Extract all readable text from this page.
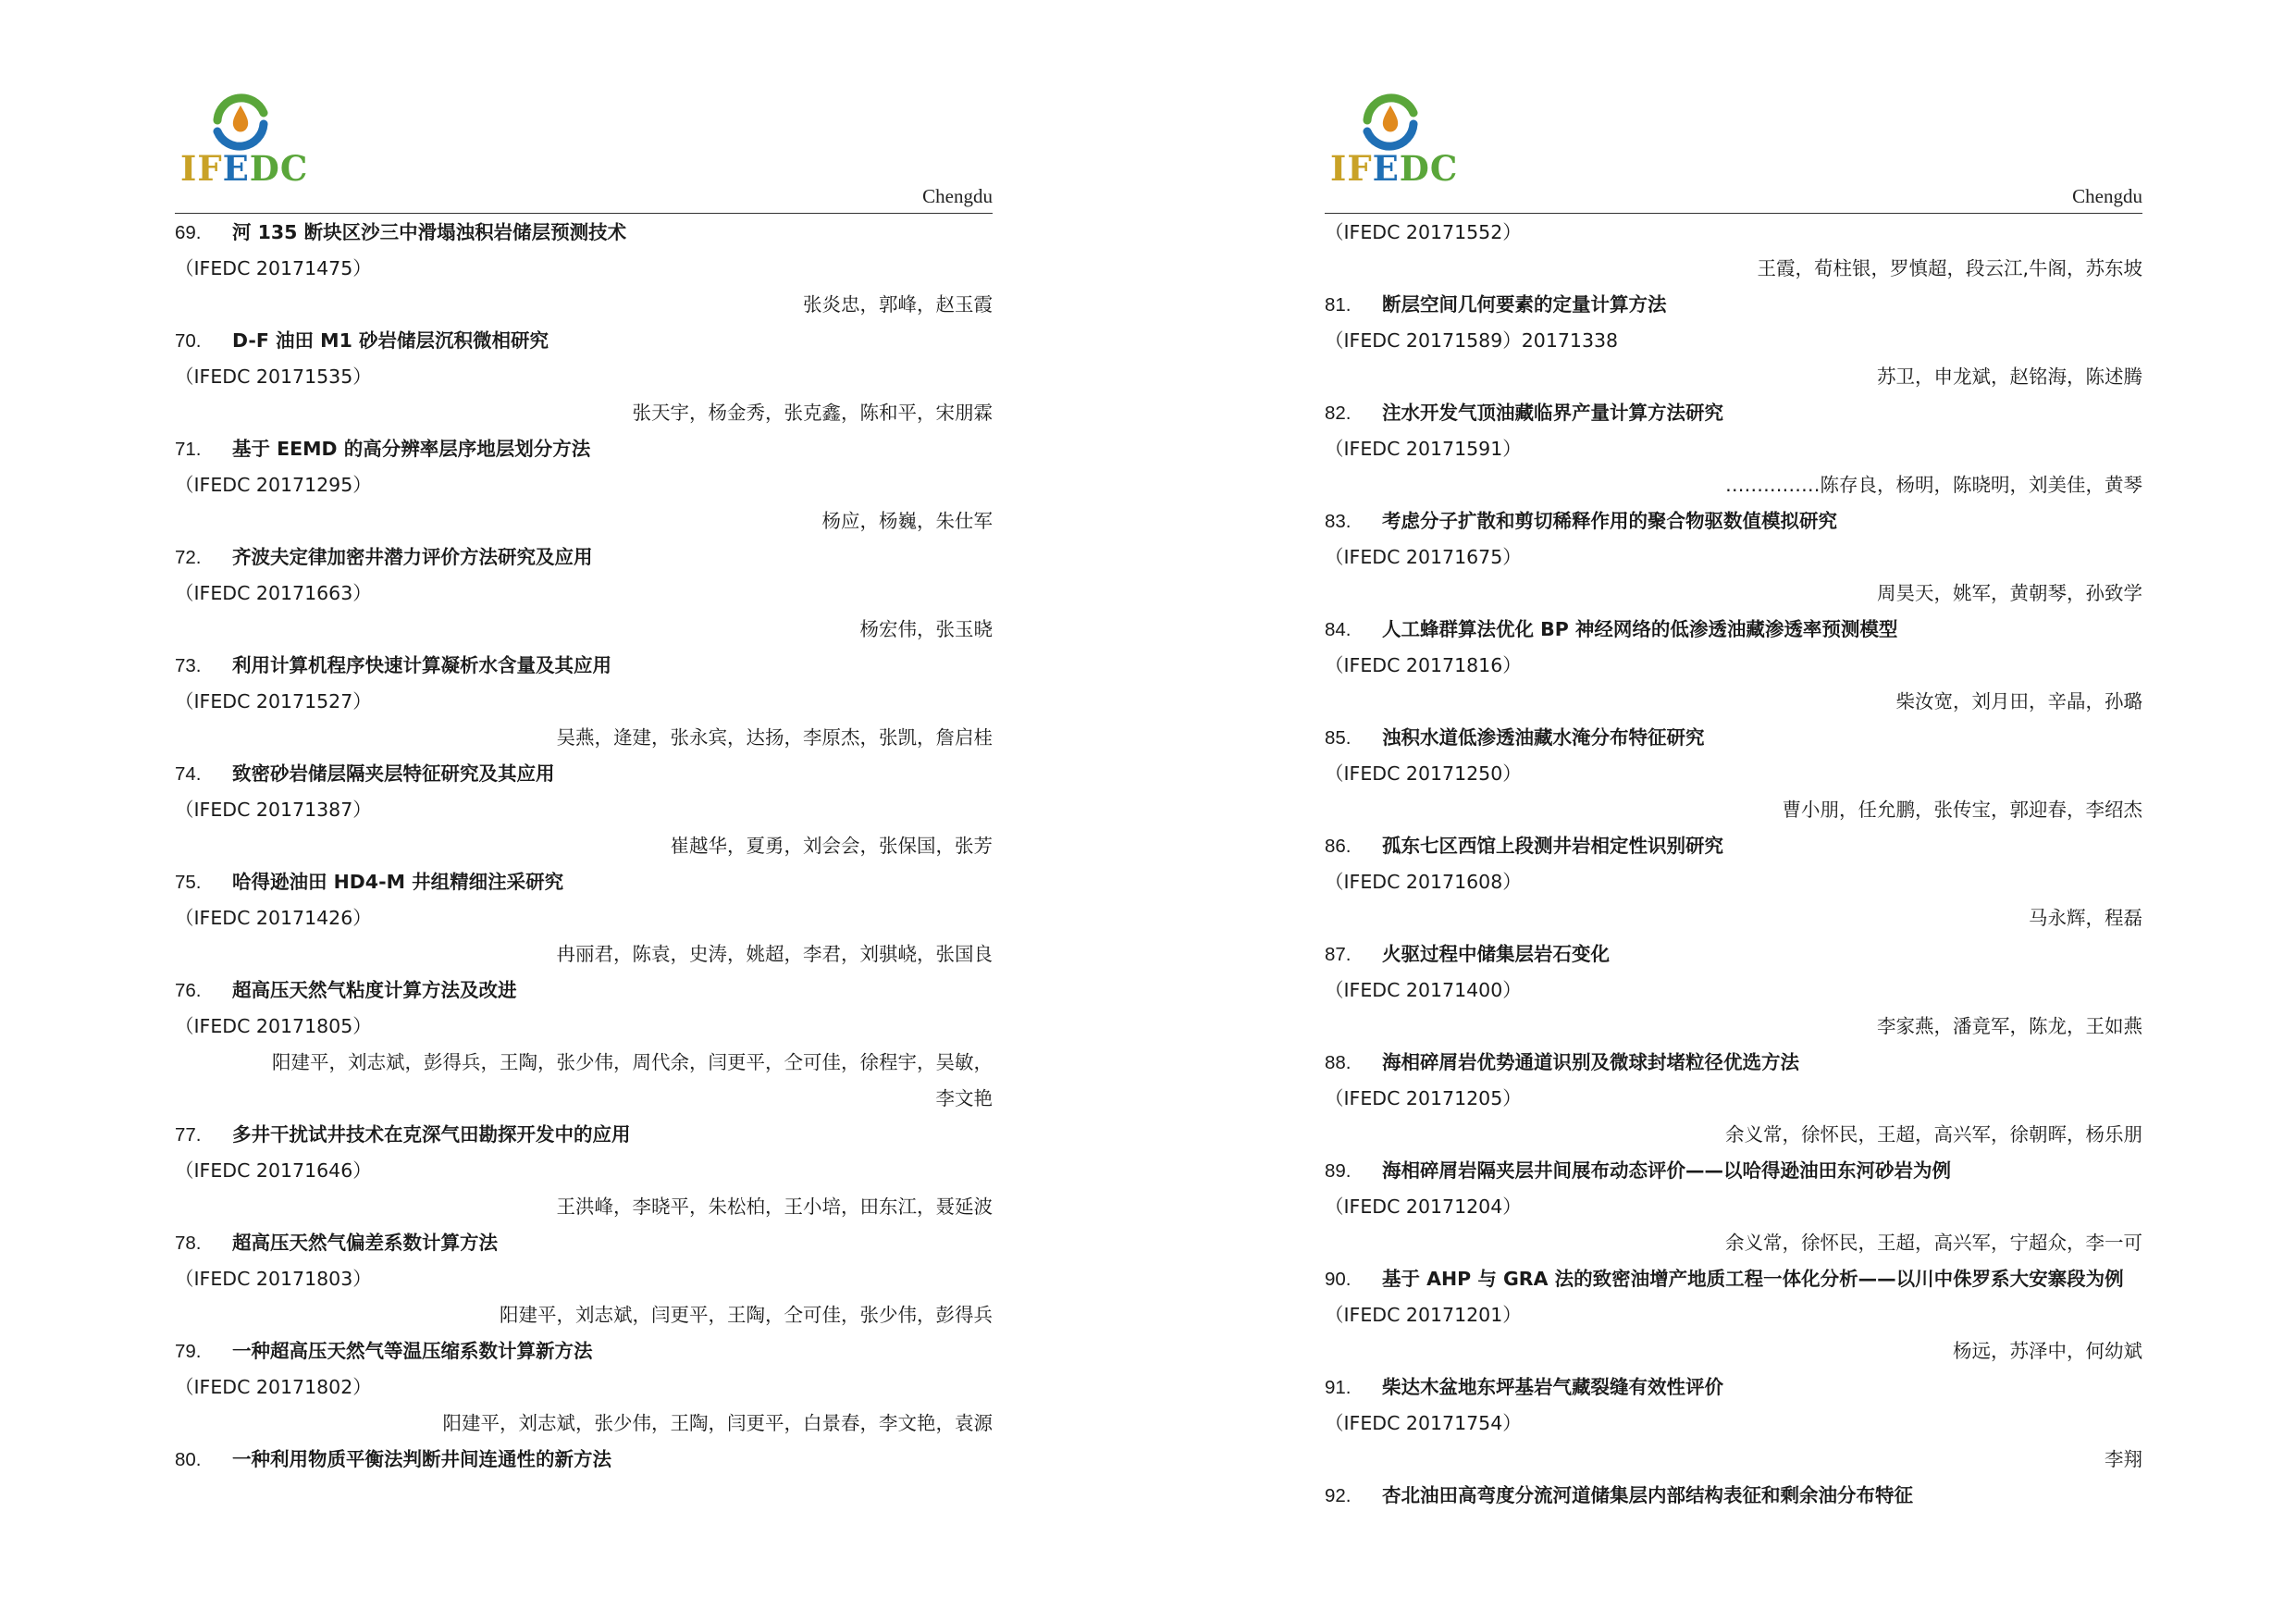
IFEDC
Chengdu
69. 河 135 断块区沙三中滑塌浊积岩储层预测技术
（IFEDC 20171475）
张炎忠，郭峰，赵玉霞
70. D-F 油田 M1 砂岩储层沉积微相研究
（IFEDC 20171535）
张天宇，杨金秀，张克鑫，陈和平，宋朋霖
71. 基于 EEMD 的高分辨率层序地层划分方法
（IFEDC 20171295）
杨应，杨巍，朱仕军
72. 齐波夫定律加密井潜力评价方法研究及应用
（IFEDC 20171663）
杨宏伟，张玉晓
73. 利用计算机程序快速计算凝析水含量及其应用
（IFEDC 20171527）
吴燕，逄建，张永宾，达扬，李原杰，张凯，詹启桂
74. 致密砂岩储层隔夹层特征研究及其应用
（IFEDC 20171387）
崔越华，夏勇，刘会会，张保国，张芳
75. 哈得逊油田 HD4-M 井组精细注采研究
（IFEDC 20171426）
冉丽君，陈袁，史涛，姚超，李君，刘骐峣，张国良
76. 超高压天然气粘度计算方法及改进
（IFEDC 20171805）
阳建平，刘志斌，彭得兵，王陶，张少伟，周代余，闫更平，仝可佳，徐程宇，吴敏，
李文艳
77. 多井干扰试井技术在克深气田勘探开发中的应用
（IFEDC 20171646）
王洪峰，李晓平，朱松柏，王小培，田东江，聂延波
78. 超高压天然气偏差系数计算方法
（IFEDC 20171803）
阳建平，刘志斌，闫更平，王陶，仝可佳，张少伟，彭得兵
79. 一种超高压天然气等温压缩系数计算新方法
（IFEDC 20171802）
阳建平，刘志斌，张少伟，王陶，闫更平，白景春，李文艳，袁源
80. 一种利用物质平衡法判断井间连通性的新方法
IFEDC
Chengdu
（IFEDC 20171552）
王霞，荀柱银，罗慎超，段云江,牛阁，苏东坡
81. 断层空间几何要素的定量计算方法
（IFEDC 20171589）20171338
苏卫，申龙斌，赵铭海，陈述腾
82. 注水开发气顶油藏临界产量计算方法研究
（IFEDC 20171591）
……………陈存良，杨明，陈晓明，刘美佳，黄琴
83. 考虑分子扩散和剪切稀释作用的聚合物驱数值模拟研究
（IFEDC 20171675）
周昊天，姚军，黄朝琴，孙致学
84. 人工蜂群算法优化 BP 神经网络的低渗透油藏渗透率预测模型
（IFEDC 20171816）
柴汝宽，刘月田，辛晶，孙璐
85. 浊积水道低渗透油藏水淹分布特征研究
（IFEDC 20171250）
曹小朋，任允鹏，张传宝，郭迎春，李绍杰
86. 孤东七区西馆上段测井岩相定性识别研究
（IFEDC 20171608）
马永辉，程磊
87. 火驱过程中储集层岩石变化
（IFEDC 20171400）
李家燕，潘竟军，陈龙，王如燕
88. 海相碎屑岩优势通道识别及微球封堵粒径优选方法
（IFEDC 20171205）
余义常，徐怀民，王超，高兴军，徐朝晖，杨乐朋
89. 海相碎屑岩隔夹层井间展布动态评价——以哈得逊油田东河砂岩为例
（IFEDC 20171204）
余义常，徐怀民，王超，高兴军，宁超众，李一可
90. 基于 AHP 与 GRA 法的致密油增产地质工程一体化分析——以川中侏罗系大安寨段为例
（IFEDC 20171201）
杨远，苏泽中，何幼斌
91. 柴达木盆地东坪基岩气藏裂缝有效性评价
（IFEDC 20171754）
李翔
92. 杏北油田高弯度分流河道储集层内部结构表征和剩余油分布特征
